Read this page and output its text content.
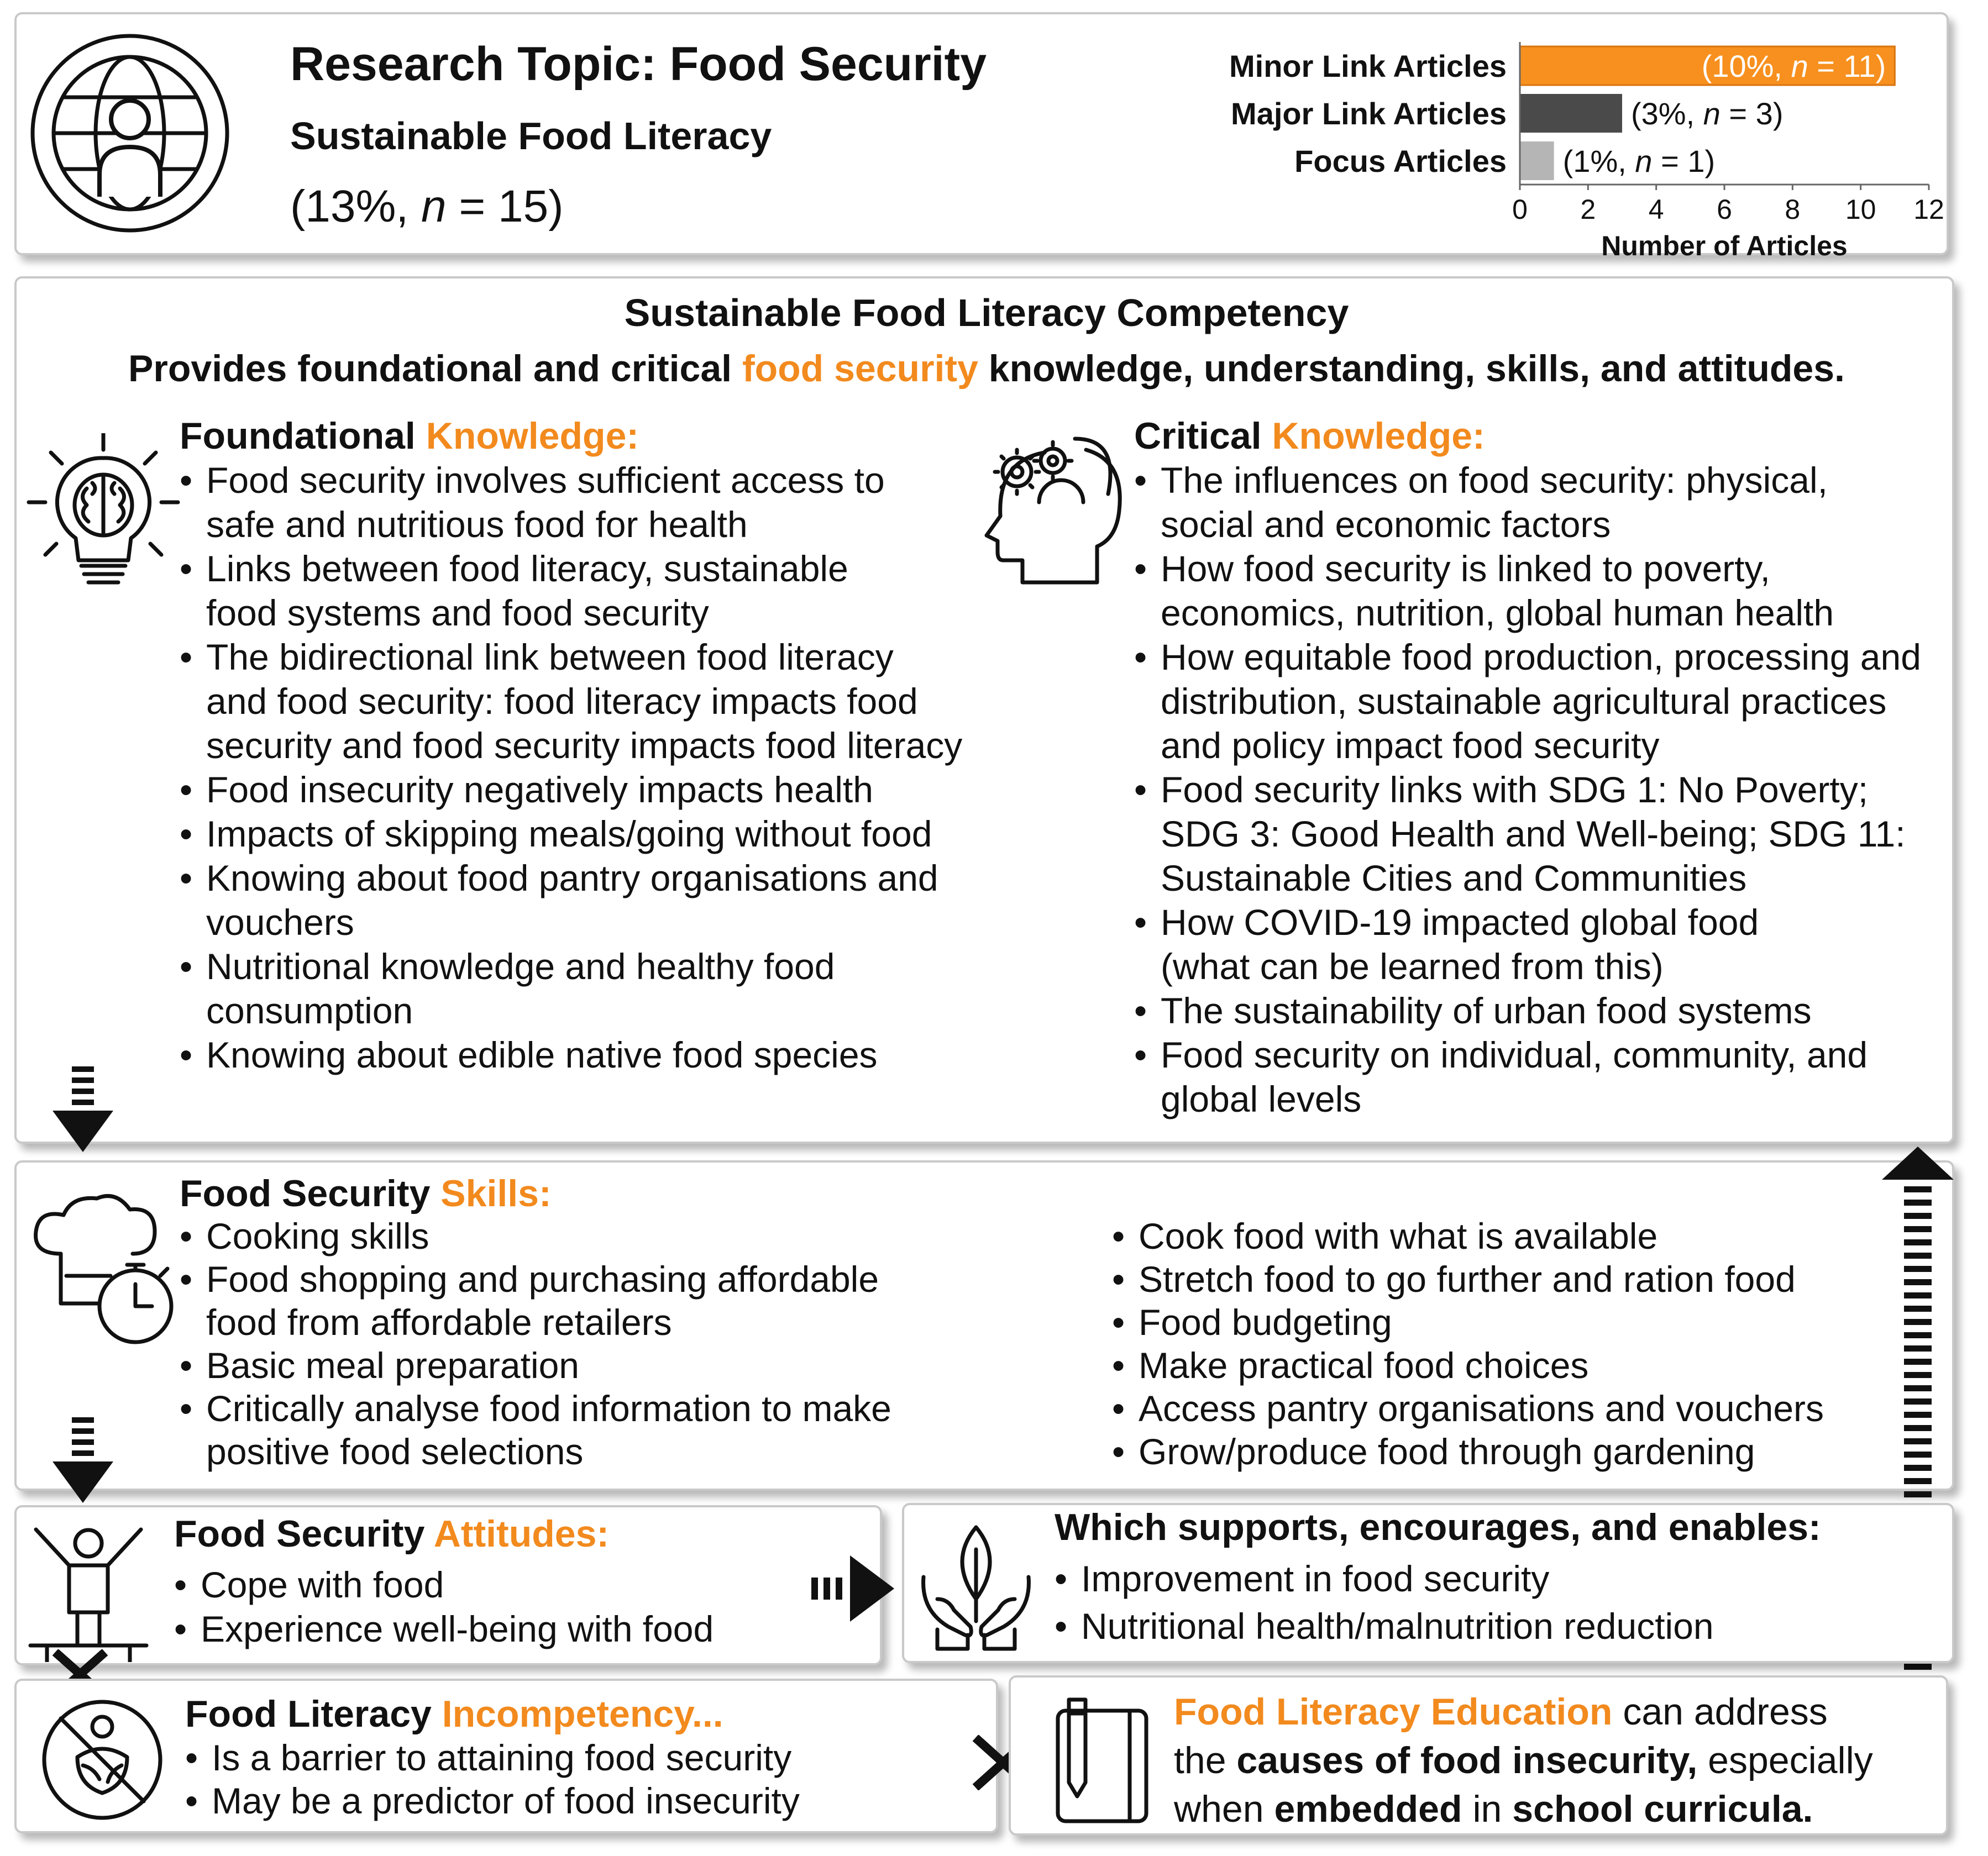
Research Topic: Food Security
Sustainable Food Literacy
(13%, n = 15)
Minor Link Articles	(10%, n = 11)
Major Link Articles	(3%, n = 3)
Focus Articles (1%, n = 1)
0 2 4 6 8 10 12
Number of Articles
Sustainable Food Literacy Competency
Provides foundational and critical food security knowledge, understanding, skills, and attitudes.
Foundational Knowledge:
• Food security involves sufficient access to safe and nutritious food for health
• Links between food literacy, sustainable food systems and food security
• The bidirectional link between food literacy and food security: food literacy impacts food security and food security impacts food literacy
• Food insecurity negatively impacts health
• Impacts of skipping meals/going without food
• Knowing about food pantry organisations and vouchers
• Nutritional knowledge and healthy food consumption
• Knowing about edible native food species
Critical Knowledge:
• The influences on food security: physical, social and economic factors
• How food security is linked to poverty, economics, nutrition, global human health
• How equitable food production, processing and distribution, sustainable agricultural practices and policy impact food security
• Food security links with SDG 1: No Poverty; SDG 3: Good Health and Well-being; SDG 11: Sustainable Cities and Communities
• How COVID-19 impacted global food (what can be learned from this)
• The sustainability of urban food systems
• Food security on individual, community, and global levels
Food Security Skills:
• Cooking skills
• Food shopping and purchasing affordable food from affordable retailers
• Basic meal preparation
• Critically analyse food information to make positive food selections
• Cook food with what is available
• Stretch food to go further and ration food
• Food budgeting
• Make practical food choices
• Access pantry organisations and vouchers
• Grow/produce food through gardening
Food Security Attitudes:
• Cope with food
• Experience well-being with food
Which supports, encourages, and enables:
• Improvement in food security
• Nutritional health/malnutrition reduction
Food Literacy Incompetency...
• Is a barrier to attaining food security
• May be a predictor of food insecurity
Food Literacy Education can address
the causes of food insecurity, especially
when embedded in school curricula.
